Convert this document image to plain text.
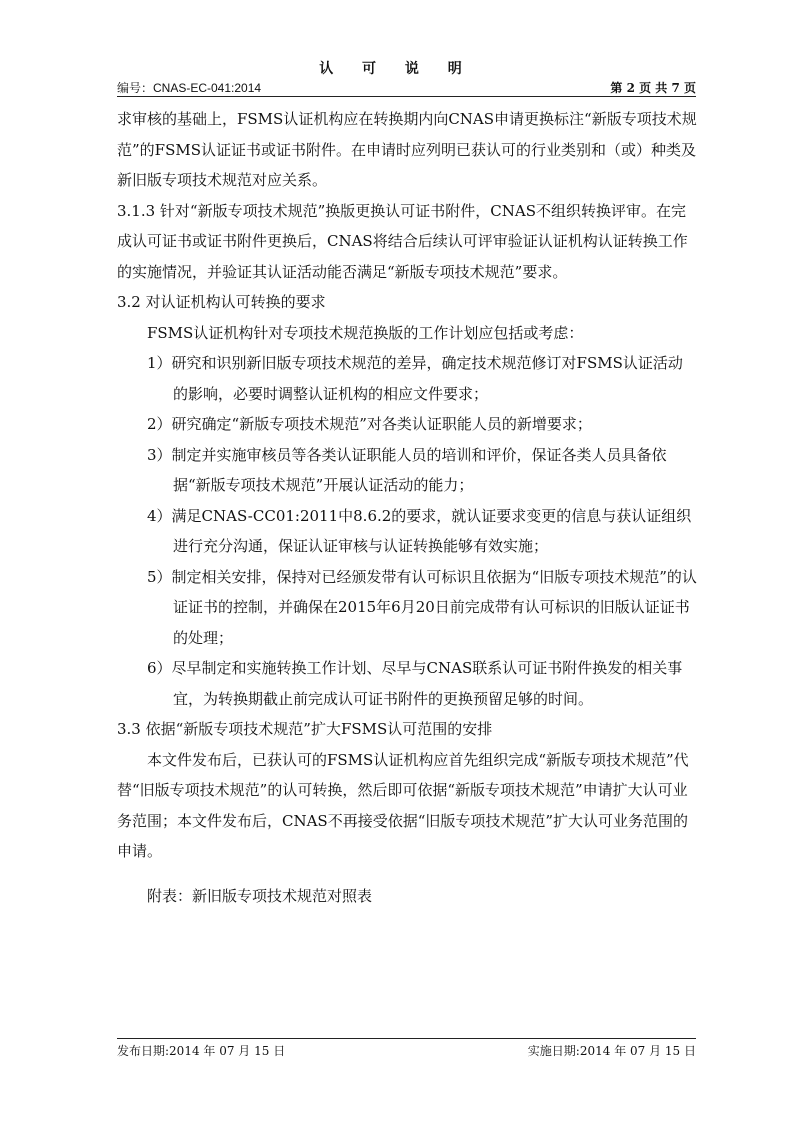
认 可 说 明
编号：CNAS-EC-041:2014	第 2 页 共 7 页

求审核的基础上，FSMS认证机构应在转换期内向CNAS申请更换标注“新版专项技术规范”的FSMS认证证书或证书附件。在申请时应列明已获认可的行业类别和（或）种类及新旧版专项技术规范对应关系。

3.1.3 针对“新版专项技术规范”换版更换认可证书附件，CNAS不组织转换评审。在完成认可证书或证书附件更换后，CNAS将结合后续认可评审验证认证机构认证转换工作的实施情况，并验证其认证活动能否满足“新版专项技术规范”要求。

3.2 对认证机构认可转换的要求

FSMS认证机构针对专项技术规范换版的工作计划应包括或考虑：

1）研究和识别新旧版专项技术规范的差异，确定技术规范修订对FSMS认证活动的影响，必要时调整认证机构的相应文件要求；

2）研究确定“新版专项技术规范”对各类认证职能人员的新增要求；

3）制定并实施审核员等各类认证职能人员的培训和评价，保证各类人员具备依据“新版专项技术规范”开展认证活动的能力；

4）满足CNAS-CC01:2011中8.6.2的要求，就认证要求变更的信息与获认证组织进行充分沟通，保证认证审核与认证转换能够有效实施；

5）制定相关安排，保持对已经颁发带有认可标识且依据为“旧版专项技术规范”的认证证书的控制，并确保在2015年6月20日前完成带有认可标识的旧版认证证书的处理；

6）尽早制定和实施转换工作计划、尽早与CNAS联系认可证书附件换发的相关事宜，为转换期截止前完成认可证书附件的更换预留足够的时间。

3.3 依据“新版专项技术规范”扩大FSMS认可范围的安排

本文件发布后，已获认可的FSMS认证机构应首先组织完成“新版专项技术规范”代替“旧版专项技术规范”的认可转换，然后即可依据“新版专项技术规范”申请扩大认可业务范围；本文件发布后，CNAS不再接受依据“旧版专项技术规范”扩大认可业务范围的申请。

附表：新旧版专项技术规范对照表

发布日期:2014 年 07 月 15 日	实施日期:2014 年 07 月 15 日
